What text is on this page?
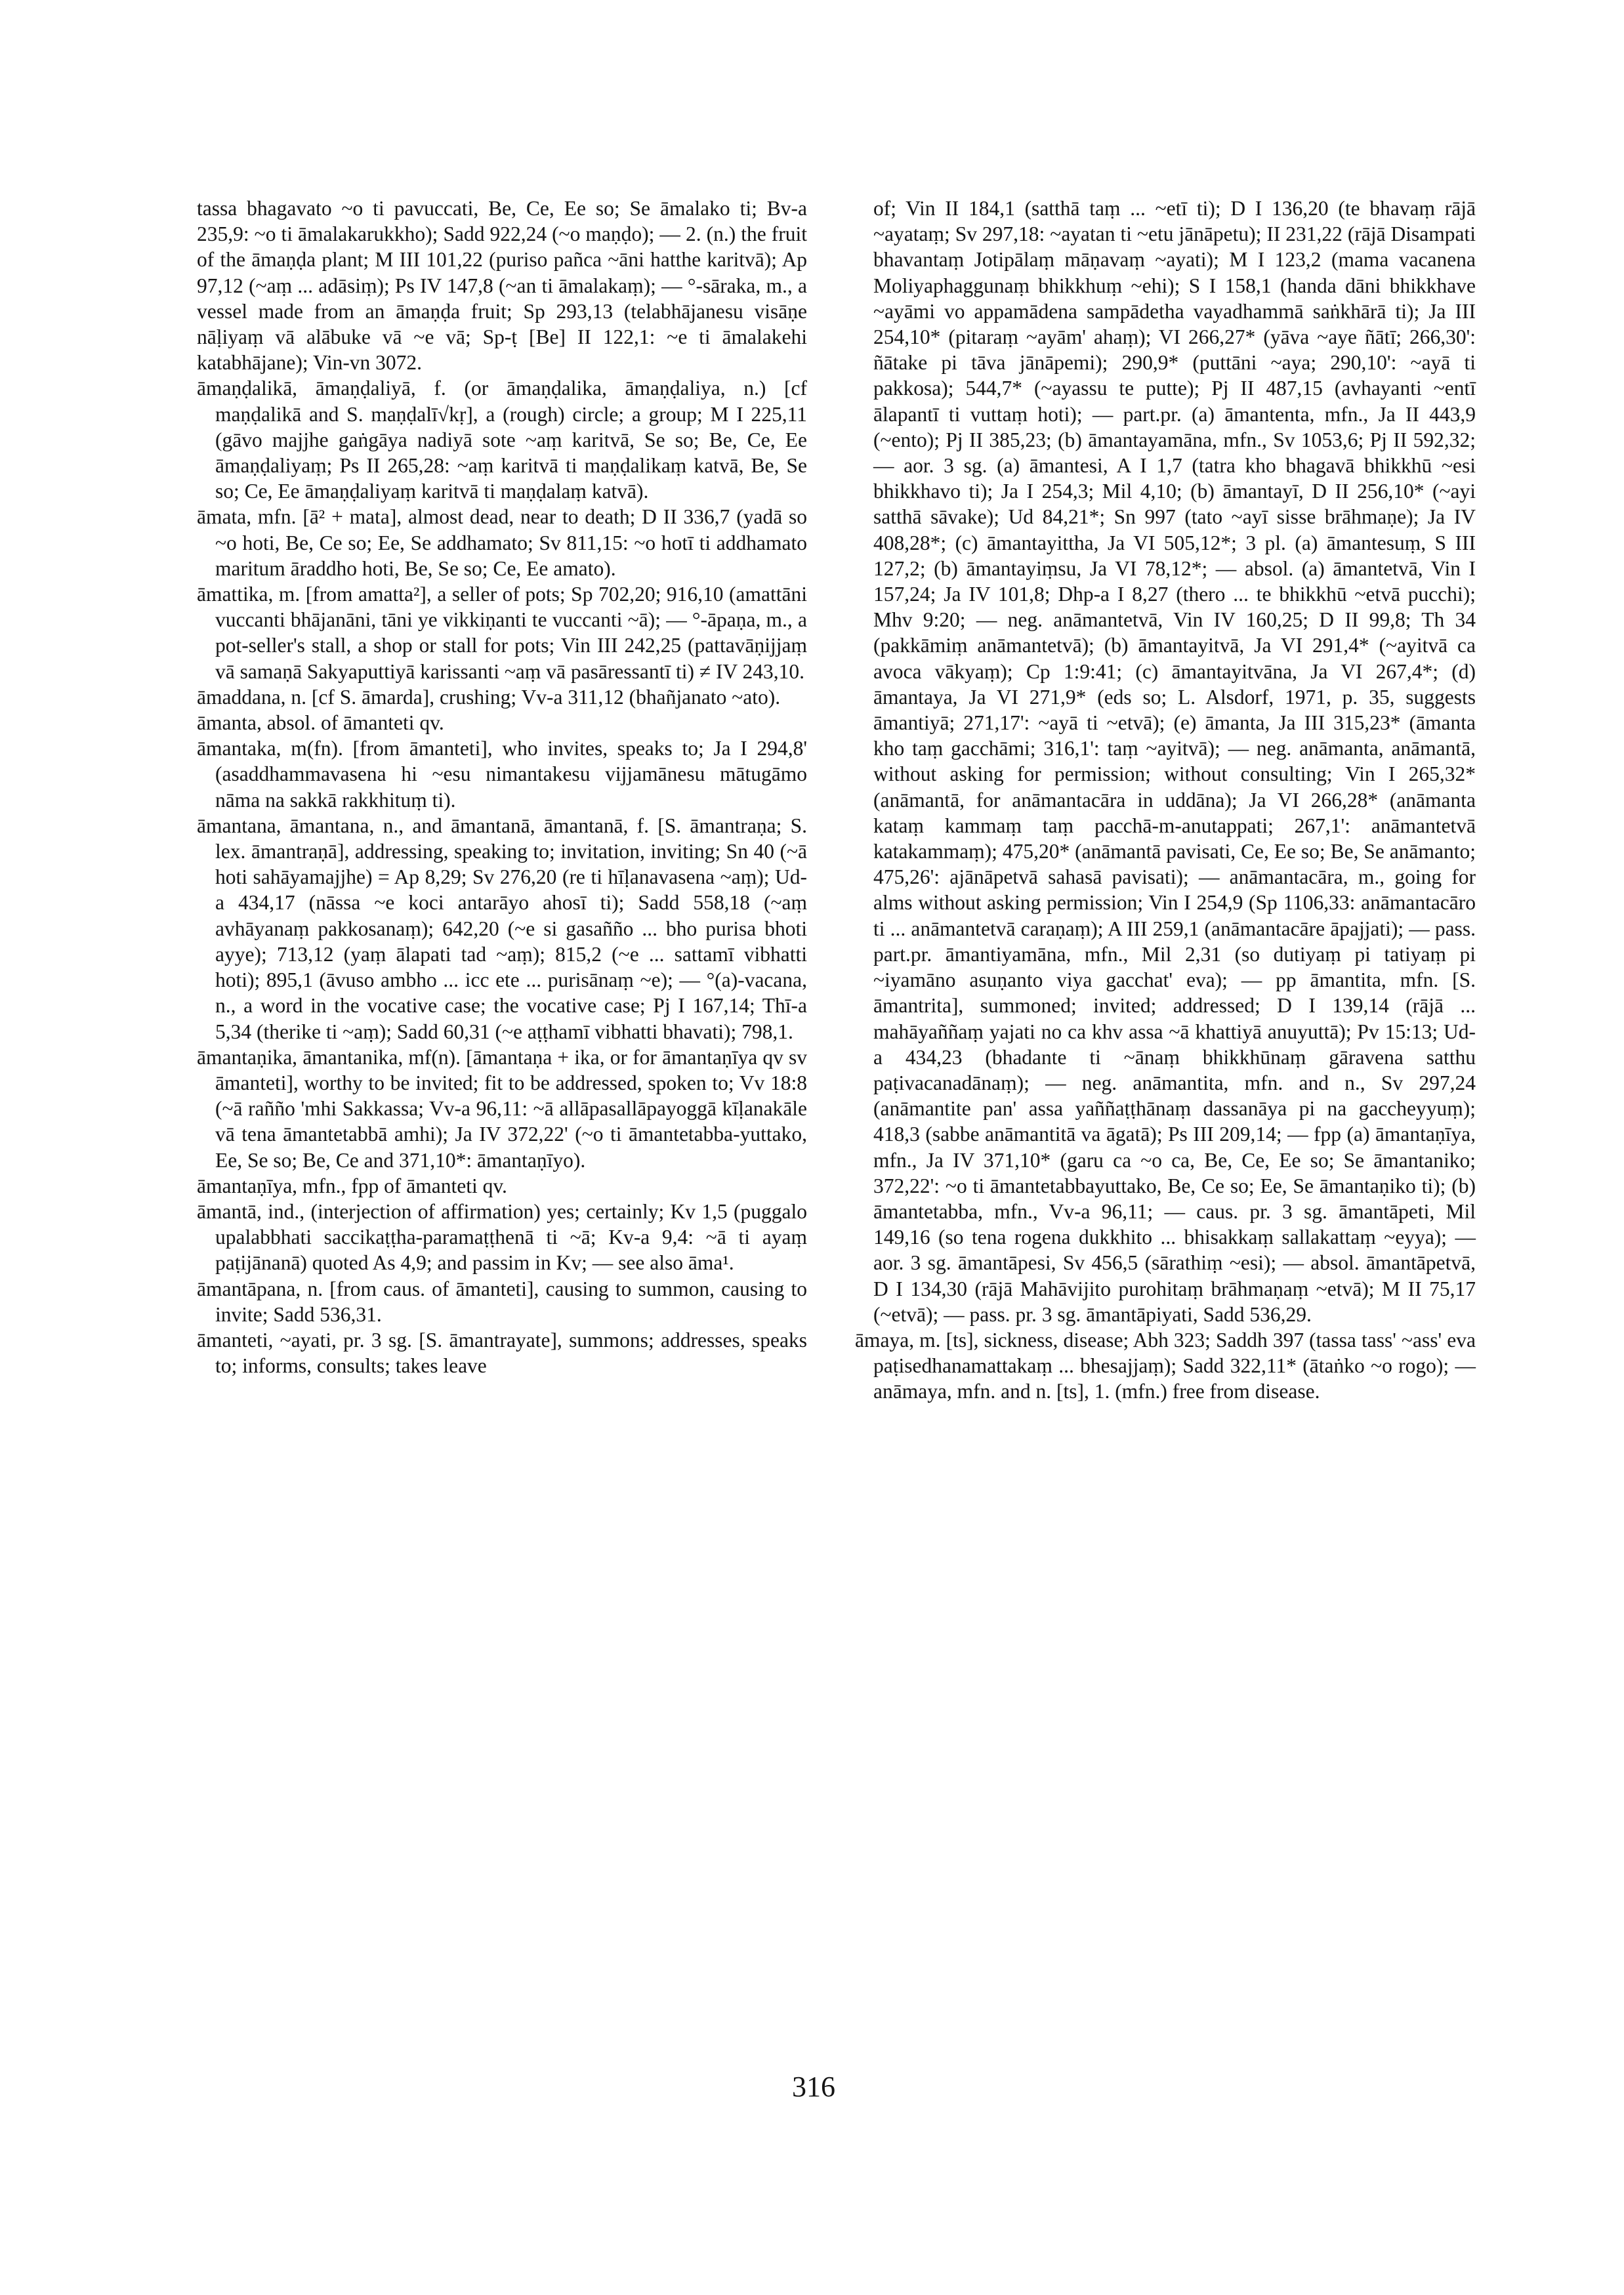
tassa bhagavato ~o ti pavuccati, Be, Ce, Ee so; Se āmalako ti; Bv-a 235,9: ~o ti āmalakarukkho); Sadd 922,24 (~o maṇḍo); — 2. (n.) the fruit of the āmaṇḍa plant; M III 101,22 (puriso pañca ~āni hatthe karitvā); Ap 97,12 (~aṃ ... adāsiṃ); Ps IV 147,8 (~an ti āmalakaṃ); — °-sāraka, m., a vessel made from an āmaṇḍa fruit; Sp 293,13 (telabhājanesu visāṇe nāḷiyaṃ vā alābuke vā ~e vā; Sp-ṭ [Be] II 122,1: ~e ti āmalakehi katabhājane); Vin-vn 3072.

āmaṇḍalikā, āmaṇḍaliyā, f. (or āmaṇḍalika, āmaṇḍaliya, n.) [cf maṇḍalikā and S. maṇḍalī√kṛ], a (rough) circle; a group; M I 225,11 (gāvo majjhe gaṅgāya nadiyā sote ~aṃ karitvā, Se so; Be, Ce, Ee āmaṇḍaliyaṃ; Ps II 265,28: ~aṃ karitvā ti maṇḍalikaṃ katvā, Be, Se so; Ce, Ee āmaṇḍaliyaṃ karitvā ti maṇḍalaṃ katvā).

āmata, mfn. [ā² + mata], almost dead, near to death; D II 336,7 (yadā so ~o hoti, Be, Ce so; Ee, Se addhamato; Sv 811,15: ~o hotī ti addhamato maritum āraddho hoti, Be, Se so; Ce, Ee amato).

āmattika, m. [from amatta²], a seller of pots; Sp 702,20; 916,10 (amattāni vuccanti bhājanāni, tāni ye vikkiṇanti te vuccanti ~ā); — °-āpaṇa, m., a pot-seller's stall, a shop or stall for pots; Vin III 242,25 (pattavāṇijjaṃ vā samaṇā Sakyaputtiyā karissanti ~aṃ vā pasāressantī ti) ≠ IV 243,10.

āmaddana, n. [cf S. āmarda], crushing; Vv-a 311,12 (bhañjanato ~ato).

āmanta, absol. of āmanteti qv.

āmantaka, m(fn). [from āmanteti], who invites, speaks to; Ja I 294,8' (asaddhammavasena hi ~esu nimantakesu vijjamānesu mātugāmo nāma na sakkā rakkhituṃ ti).

āmantana, āmantana, n., and āmantanā, āmantanā, f. [S. āmantraṇa; S. lex. āmantraṇā], addressing, speaking to; invitation, inviting; Sn 40 (~ā hoti sahāyamajjhe) = Ap 8,29; Sv 276,20 (re ti hīḷanavasena ~aṃ); Ud-a 434,17 (nāssa ~e koci antarāyo ahosī ti); Sadd 558,18 (~aṃ avhāyanaṃ pakkosanaṃ); 642,20 (~e si gasañño ... bho purisa bhoti ayye); 713,12 (yaṃ ālapati tad ~aṃ); 815,2 (~e ... sattamī vibhatti hoti); 895,1 (āvuso ambho ... icc ete ... purisānaṃ ~e); — °(a)-vacana, n., a word in the vocative case; the vocative case; Pj I 167,14; Thī-a 5,34 (therike ti ~aṃ); Sadd 60,31 (~e aṭṭhamī vibhatti bhavati); 798,1.

āmantaṇika, āmantanika, mf(n). [āmantaṇa + ika, or for āmantaṇīya qv sv āmanteti], worthy to be invited; fit to be addressed, spoken to; Vv 18:8 (~ā rañño 'mhi Sakkassa; Vv-a 96,11: ~ā allāpasallāpayoggā kīḷanakāle vā tena āmantetabbā amhi); Ja IV 372,22' (~o ti āmantetabba-yuttako, Ee, Se so; Be, Ce and 371,10*: āmantaṇīyo).

āmantaṇīya, mfn., fpp of āmanteti qv.

āmantā, ind., (interjection of affirmation) yes; certainly; Kv 1,5 (puggalo upalabbhati saccikaṭṭha-paramaṭṭhenā ti ~ā; Kv-a 9,4: ~ā ti ayaṃ paṭijānanā) quoted As 4,9; and passim in Kv; — see also āma¹.

āmantāpana, n. [from caus. of āmanteti], causing to summon, causing to invite; Sadd 536,31.

āmanteti, ~ayati, pr. 3 sg. [S. āmantrayate], summons; addresses, speaks to; informs, consults; takes leave

of; Vin II 184,1 (satthā taṃ ... ~etī ti); D I 136,20 (te bhavaṃ rājā ~ayataṃ; Sv 297,18: ~ayatan ti ~etu jānāpetu); II 231,22 (rājā Disampati bhavantaṃ Jotipālaṃ māṇavaṃ ~ayati); M I 123,2 (mama vacanena Moliyaphaggunaṃ bhikkhuṃ ~ehi); S I 158,1 (handa dāni bhikkhave ~ayāmi vo appamādena sampādetha vayadhammā saṅkhārā ti); Ja III 254,10* (pitaraṃ ~ayām' ahaṃ); VI 266,27* (yāva ~aye ñātī; 266,30': ñātake pi tāva jānāpemi); 290,9* (puttāni ~aya; 290,10': ~ayā ti pakkosa); 544,7* (~ayassu te putte); Pj II 487,15 (avhayanti ~entī ālapantī ti vuttaṃ hoti); — part.pr. (a) āmantenta, mfn., Ja II 443,9 (~ento); Pj II 385,23; (b) āmantayamāna, mfn., Sv 1053,6; Pj II 592,32; — aor. 3 sg. (a) āmantesi, A I 1,7 (tatra kho bhagavā bhikkhū ~esi bhikkhavo ti); Ja I 254,3; Mil 4,10; (b) āmantayī, D II 256,10* (~ayi satthā sāvake); Ud 84,21*; Sn 997 (tato ~ayī sisse brāhmaṇe); Ja IV 408,28*; (c) āmantayittha, Ja VI 505,12*; 3 pl. (a) āmantesuṃ, S III 127,2; (b) āmantayiṃsu, Ja VI 78,12*; — absol. (a) āmantetvā, Vin I 157,24; Ja IV 101,8; Dhp-a I 8,27 (thero ... te bhikkhū ~etvā pucchi); Mhv 9:20; — neg. anāmantetvā, Vin IV 160,25; D II 99,8; Th 34 (pakkāmiṃ anāmantetvā); (b) āmantayitvā, Ja VI 291,4* (~ayitvā ca avoca vākyaṃ); Cp 1:9:41; (c) āmantayitvāna, Ja VI 267,4*; (d) āmantaya, Ja VI 271,9* (eds so; L. Alsdorf, 1971, p. 35, suggests āmantiyā; 271,17': ~ayā ti ~etvā); (e) āmanta, Ja III 315,23* (āmanta kho taṃ gacchāmi; 316,1': taṃ ~ayitvā); — neg. anāmanta, anāmantā, without asking for permission; without consulting; Vin I 265,32* (anāmantā, for anāmantacāra in uddāna); Ja VI 266,28* (anāmanta kataṃ kammaṃ taṃ pacchā-m-anutappati; 267,1': anāmantetvā katakammaṃ); 475,20* (anāmantā pavisati, Ce, Ee so; Be, Se anāmanto; 475,26': ajānāpetvā sahasā pavisati); — anāmantacāra, m., going for alms without asking permission; Vin I 254,9 (Sp 1106,33: anāmantacāro ti ... anāmantetvā caraṇaṃ); A III 259,1 (anāmantacāre āpajjati); — pass. part.pr. āmantiyamāna, mfn., Mil 2,31 (so dutiyaṃ pi tatiyaṃ pi ~iyamāno asuṇanto viya gacchat' eva); — pp āmantita, mfn. [S. āmantrita], summoned; invited; addressed; D I 139,14 (rājā ... mahāyaññaṃ yajati no ca khv assa ~ā khattiyā anuyuttā); Pv 15:13; Ud-a 434,23 (bhadante ti ~ānaṃ bhikkhūnaṃ gāravena satthu paṭivacanadānaṃ); — neg. anāmantita, mfn. and n., Sv 297,24 (anāmantite pan' assa yaññaṭṭhānaṃ dassanāya pi na gaccheyyuṃ); 418,3 (sabbe anāmantitā va āgatā); Ps III 209,14; — fpp (a) āmantaṇīya, mfn., Ja IV 371,10* (garu ca ~o ca, Be, Ce, Ee so; Se āmantaniko; 372,22': ~o ti āmantetabbayuttako, Be, Ce so; Ee, Se āmantaṇiko ti); (b) āmantetabba, mfn., Vv-a 96,11; — caus. pr. 3 sg. āmantāpeti, Mil 149,16 (so tena rogena dukkhito ... bhisakkaṃ sallakattaṃ ~eyya); — aor. 3 sg. āmantāpesi, Sv 456,5 (sārathiṃ ~esi); — absol. āmantāpetvā, D I 134,30 (rājā Mahāvijito purohitaṃ brāhmaṇaṃ ~etvā); M II 75,17 (~etvā); — pass. pr. 3 sg. āmantāpiyati, Sadd 536,29.

āmaya, m. [ts], sickness, disease; Abh 323; Saddh 397 (tassa tass' ~ass' eva paṭisedhanamattakaṃ ... bhesajjaṃ); Sadd 322,11* (ātaṅko ~o rogo); — anāmaya, mfn. and n. [ts], 1. (mfn.) free from disease.

316
